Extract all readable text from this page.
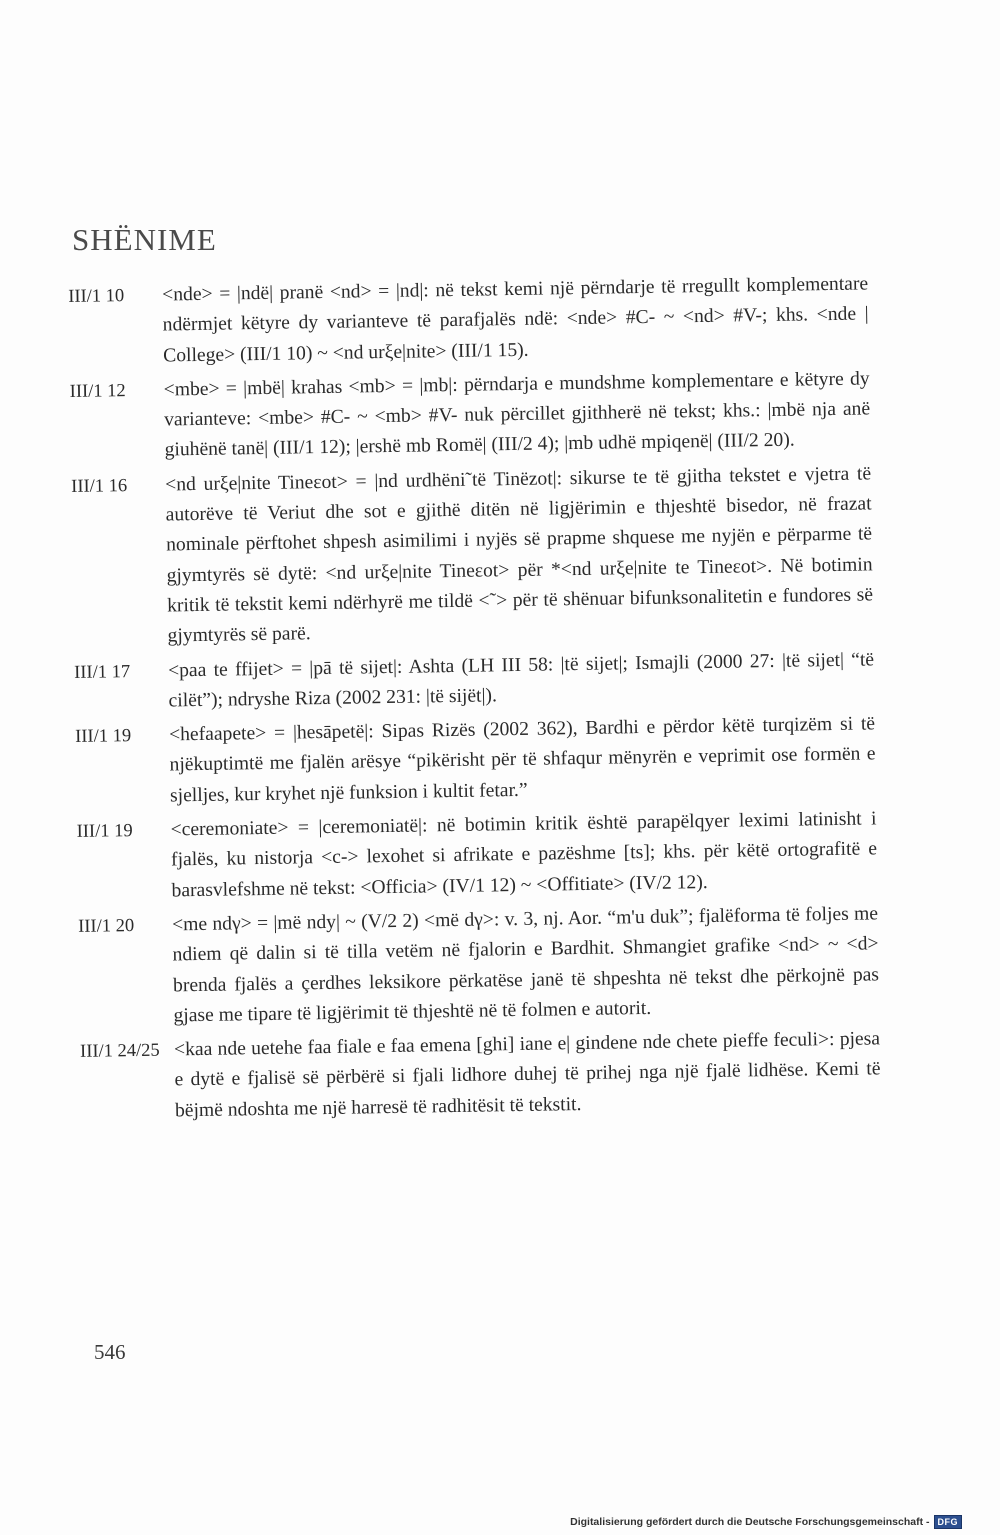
SHËNIME
III/1 10 <nde> = |ndë| pranë <nd> = |nd|: në tekst kemi një përndarje të rregullt komplementare ndërmjet këtyre dy varianteve të parafjalës ndë: <nde> #C- ~ <nd> #V-; khs. <nde | College> (III/1 10) ~ <nd urξe|nite> (III/1 15).
III/1 12 <mbe> = |mbë| krahas <mb> = |mb|: përndarja e mundshme komplementare e këtyre dy varianteve: <mbe> #C- ~ <mb> #V- nuk përcillet gjithherë në tekst; khs.: |mbë nja anë giuhënë tanë| (III/1 12); |ershë mb Romë| (III/2 4); |mb udhë mpiqenë| (III/2 20).
III/1 16 <nd urξe|nite Tineεot> = |nd urdhëni˜të Tinëzot|: sikurse te të gjitha tekstet e vjetra të autorëve të Veriut dhe sot e gjithë ditën në ligjërimin e thjeshtë bisedor, në frazat nominale përftohet shpesh asimilimi i nyjës së prapme shquese me nyjën e përparme të gjymtyrës së dytë: <nd urξe|nite Tineεot> për *<nd urξe|nite te Tineεot>. Në botimin kritik të tekstit kemi ndërhyrë me tildë <˜> për të shënuar bifunksonalitetin e fundores së gjymtyrës së parë.
III/1 17 <paa te ffijet> = |pā të sijet|: Ashta (LH III 58: |të sijet|; Ismajli (2000 27: |të sijet| “të cilët”); ndryshe Riza (2002 231: |të sijët|).
III/1 19 <hefaapete> = |hesāpetë|: Sipas Rizës (2002 362), Bardhi e përdor këtë turqizëm si të njëkuptimtë me fjalën arësye “pikërisht për të shfaqur mënyrën e veprimit ose formën e sjelljes, kur kryhet një funksion i kultit fetar.”
III/1 19 <ceremoniate> = |ceremoniatë|: në botimin kritik është parapëlqyer leximi latinisht i fjalës, ku nistorja <c-> lexohet si afrikate e pazëshme [ts]; khs. për këtë ortografitë e barasvlefshme në tekst: <Officia> (IV/1 12) ~ <Offitiate> (IV/2 12).
III/1 20 <me ndγ> = |më ndy| ~ (V/2 2) <më dγ>: v. 3, nj. Aor. “m'u duk”; fjalëforma të foljes me ndiem që dalin si të tilla vetëm në fjalorin e Bardhit. Shmangiet grafike <nd> ~ <d> brenda fjalës a çerdhes leksikore përkatëse janë të shpeshta në tekst dhe përkojnë pas gjase me tipare të ligjërimit të thjeshtë në të folmen e autorit.
III/1 24/25 <kaa nde uetehe faa fiale e faa emena [ghi] iane e| gindene nde chete pieffe feculi>: pjesa e dytë e fjalisë së përbërë si fjali lidhore duhej të prihej nga një fjalë lidhëse. Kemi të bëjmë ndoshta me një harresë të radhitësit të tekstit.
546
Digitalisierung gefördert durch die Deutsche Forschungsgemeinschaft - DFG
